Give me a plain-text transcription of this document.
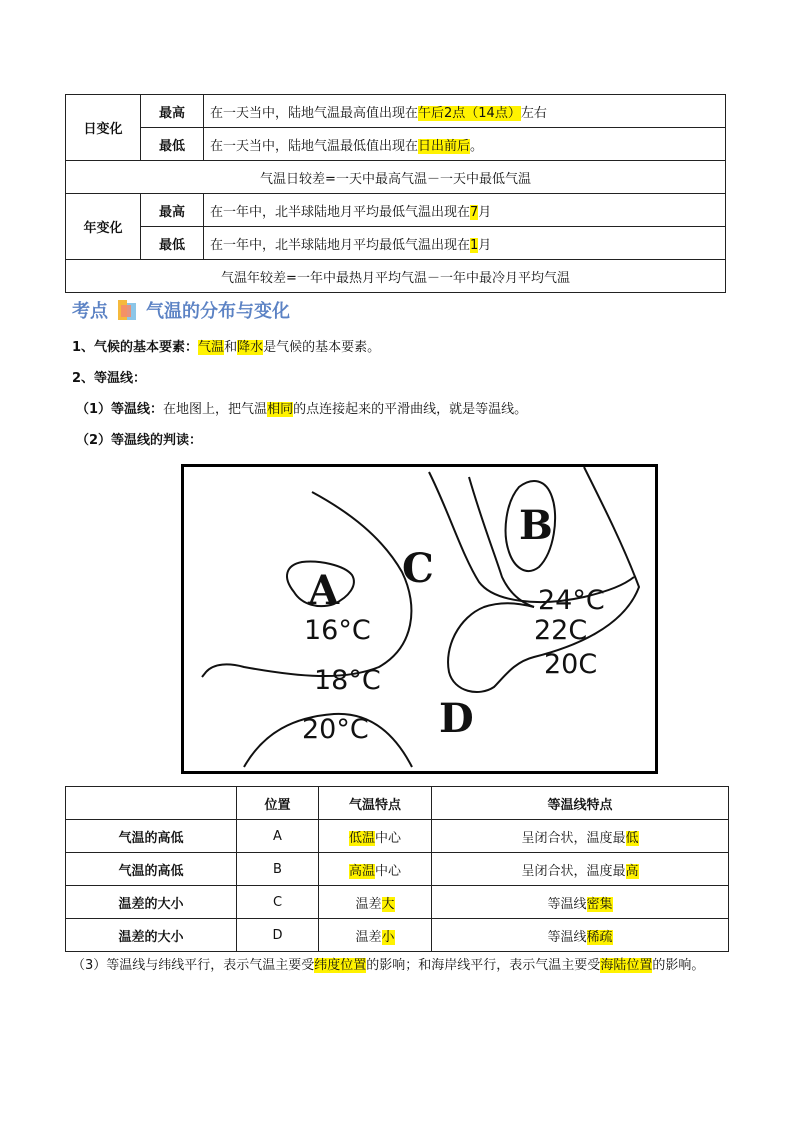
日变化	最高	在一天当中，陆地气温最高值出现在午后2点（14点）左右
	最低	在一天当中，陆地气温最低值出现在日出前后。
气温日较差=一天中最高气温－一天中最低气温		
年变化	最高	在一年中，北半球陆地月平均最低气温出现在7月
	最低	在一年中，北半球陆地月平均最低气温出现在1月
气温年较差=一年中最热月平均气温－一年中最冷月平均气温		
考点 气温的分布与变化
1、气候的基本要素：气温和降水是气候的基本要素。
2、等温线：
（1）等温线：在地图上，把气温相同的点连接起来的平滑曲线，就是等温线。
（2）等温线的判读：
A
B
C
D
16°C
18°C
20°C
24°C
22C
20C
	位置	气温特点	等温线特点
气温的高低	A	低温中心	呈闭合状，温度最低
气温的高低	B	高温中心	呈闭合状，温度最高
温差的大小	C	温差大	等温线密集
温差的大小	D	温差小	等温线稀疏
（3）等温线与纬线平行，表示气温主要受纬度位置的影响；和海岸线平行，表示气温主要受海陆位置的影响。
